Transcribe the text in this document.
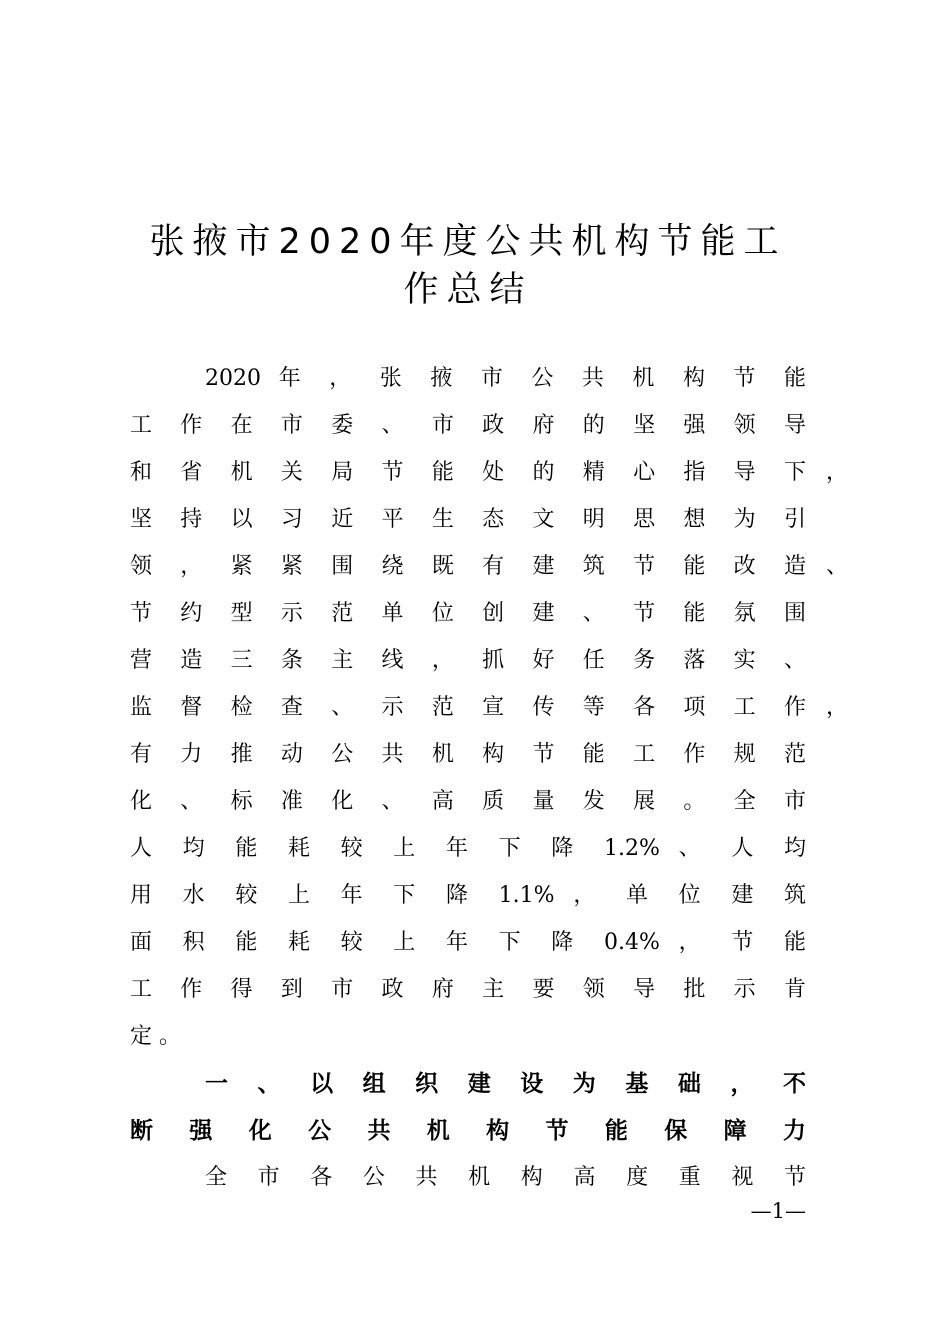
张掖市2020年度公共机构节能工
作总结
2020 年 ， 张 掖 市 公 共 机 构 节 能
工 作 在 市 委 、 市 政 府 的 坚 强 领 导
和 省 机 关 局 节 能 处 的 精 心 指 导 下 ，
坚 持 以 习 近 平 生 态 文 明 思 想 为 引
领 ， 紧 紧 围 绕 既 有 建 筑 节 能 改 造 、
节 约 型 示 范 单 位 创 建 、 节 能 氛 围
营 造 三 条 主 线 ， 抓 好 任 务 落 实 、
监 督 检 查 、 示 范 宣 传 等 各 项 工 作 ，
有 力 推 动 公 共 机 构 节 能 工 作 规 范
化 、 标 准 化 、 高 质 量 发 展 。 全 市
人 均 能 耗 较 上 年 下 降 1.2% 、 人 均
用 水 较 上 年 下 降 1.1% ， 单 位 建 筑
面 积 能 耗 较 上 年 下 降 0.4% ， 节 能
工 作 得 到 市 政 府 主 要 领 导 批 示 肯
定 。
一 、 以 组 织 建 设 为 基 础 ， 不
断 强 化 公 共 机 构 节 能 保 障 力
全 市 各 公 共 机 构 高 度 重 视 节
—1—
